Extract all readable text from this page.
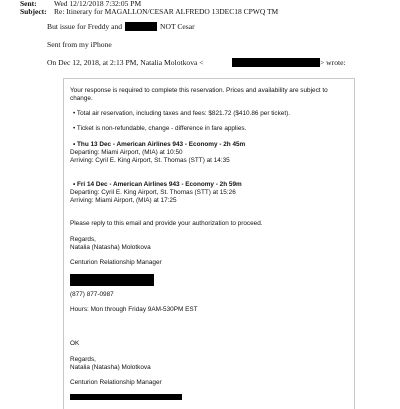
Sent: Wed 12/12/2018 7:32:05 PM
Subject: Re: Itinerary for MAGALLON/CESAR ALFREDO 13DEC18 CPWQ TM
But issue for Freddy and	NOT Cesar
Sent from my iPhone
On Dec 12, 2018, at 2:13 PM, Natalia Molotkova <	> wrote:
Your response is required to complete this reservation. Prices and availability are subject to
change.
• Total air reservation, including taxes and fees: $821.72 ($410.86 per ticket).
• Ticket is non-refundable, change - difference in fare applies.
• Thu 13 Dec - American Airlines 943 - Economy - 2h 45m
Departing: Miami Airport, (MIA) at 10:50
Arriving: Cyril E. King Airport, St. Thomas (STT) at 14:35
• Fri 14 Dec - American Airlines 943 - Economy - 2h 59m
Departing: Cyril E. King Airport, St. Thomas (STT) at 15:26
Arriving: Miami Airport, (MIA) at 17:25
Please reply to this email and provide your authorization to proceed.
Regards,
Natalia (Natasha) Molotkova
Centurion Relationship Manager
(877) 877-0987
Hours: Mon through Friday 9AM-530PM EST
OK
Regards,
Natalia (Natasha) Molotkova
Centurion Relationship Manager
